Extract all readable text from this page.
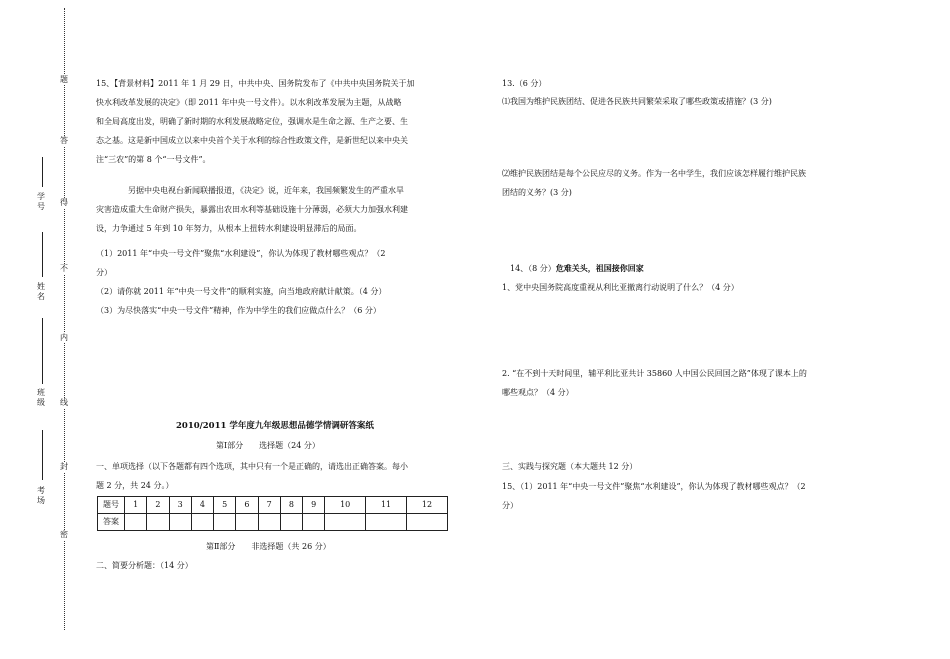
题
答
得
不
内
线
封
密
学号
姓名
班级
考场
15、【背景材料】2011 年 1 月 29 日，中共中央、国务院发布了《中共中央国务院关于加
快水利改革发展的决定》（即 2011 年中央一号文件）。以水利改革发展为主题，从战略
和全局高度出发，明确了新时期的水利发展战略定位，强调水是生命之源、生产之要、生
态之基。这是新中国成立以来中央首个关于水利的综合性政策文件，是新世纪以来中央关
注“三农”的第 8 个“一号文件”。
另据中央电视台新闻联播报道，《决定》说，近年来，我国频繁发生的严重水旱
灾害造成重大生命财产损失，暴露出农田水利等基础设施十分薄弱，必须大力加强水利建
设，力争通过 5 年到 10 年努力，从根本上扭转水利建设明显滞后的局面。
（1）2011 年“中央一号文件”聚焦“水利建设”，你认为体现了教材哪些观点？（2
分）
（2）请你就 2011 年“中央一号文件”的顺利实施，向当地政府献计献策。（4 分）
（3）为尽快落实“中央一号文件”精神，作为中学生的我们应做点什么？（6 分）
2010/2011 学年度九年级思想品德学情调研答案纸
第Ⅰ部分　　选择题（24 分）
一、单项选择（以下各题都有四个选项，其中只有一个是正确的，请选出正确答案。每小
题 2 分，共 24 分。）
题号	1	2	3	4	5	6	7	8	9	10	11	12
答案												
第Ⅱ部分　　非选择题（共 26 分）
二、简要分析题：（14 分）
13.（6 分）
⑴我国为维护民族团结、促进各民族共同繁荣采取了哪些政策或措施？(3 分)
⑵维护民族团结是每个公民应尽的义务。作为一名中学生，我们应该怎样履行维护民族
团结的义务？(3 分)
14、（8 分）危难关头，祖国接你回家
1、党中央国务院高度重视从利比亚撤离行动说明了什么？（4 分）
2. “在不到十天时间里，辅平利比亚共计 35860 人中国公民回国之路”体现了课本上的
哪些观点？（4 分）
三、实践与探究题（本大题共 12 分）
15、（1）2011 年“中央一号文件”聚焦“水利建设”，你认为体现了教材哪些观点？（2
分）
